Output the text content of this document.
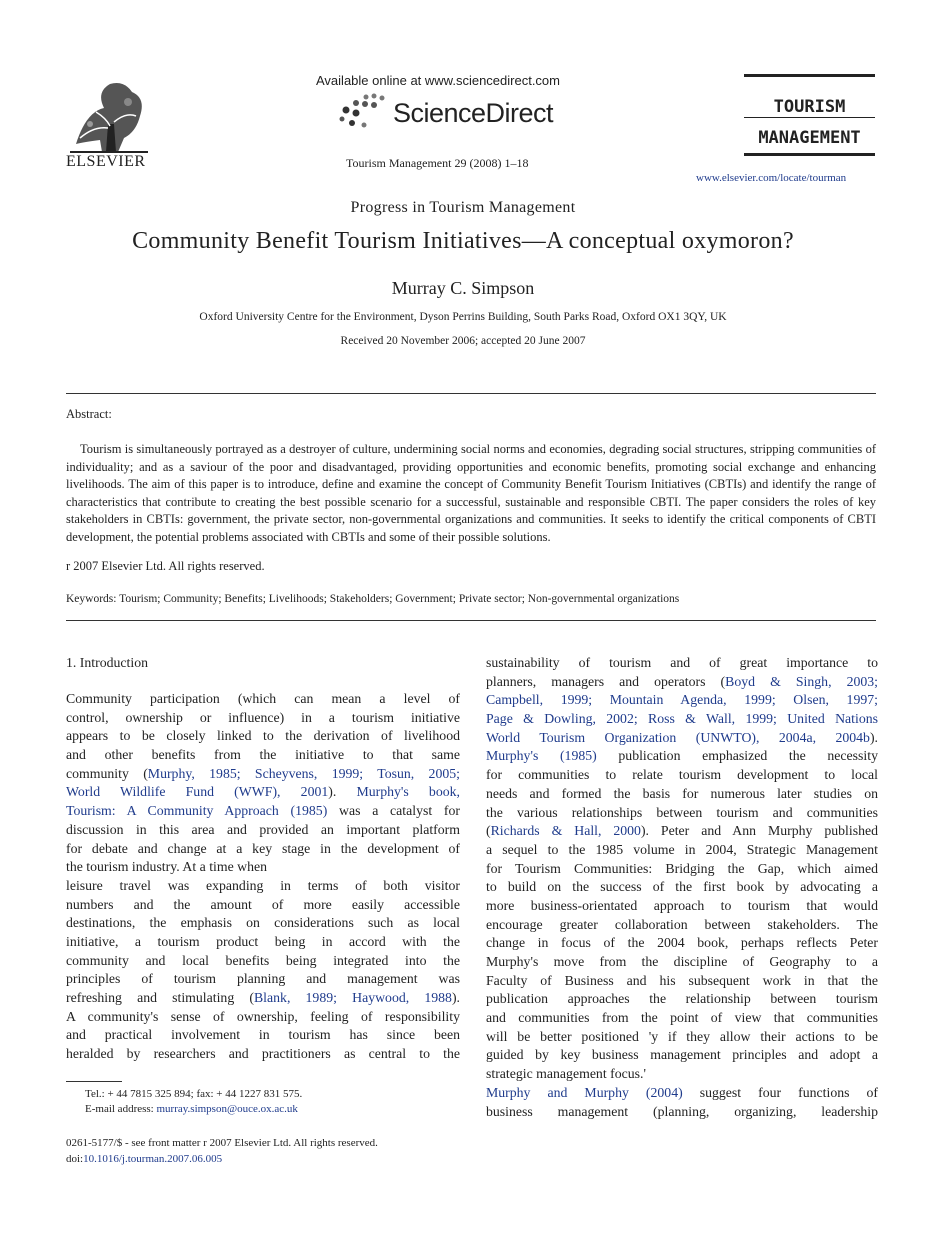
ELSEVIER
Available online at www.sciencedirect.com
ScienceDirect
Tourism Management 29 (2008) 1–18
TOURISM
MANAGEMENT
www.elsevier.com/locate/tourman
Progress in Tourism Management
Community Benefit Tourism Initiatives—A conceptual oxymoron?
Murray C. Simpson
Oxford University Centre for the Environment, Dyson Perrins Building, South Parks Road, Oxford OX1 3QY, UK
Received 20 November 2006; accepted 20 June 2007
Abstract:
Tourism is simultaneously portrayed as a destroyer of culture, undermining social norms and economies, degrading social structures, stripping communities of individuality; and as a saviour of the poor and disadvantaged, providing opportunities and economic benefits, promoting social exchange and enhancing livelihoods. The aim of this paper is to introduce, define and examine the concept of Community Benefit Tourism Initiatives (CBTIs) and identify the range of characteristics that contribute to creating the best possible scenario for a successful, sustainable and responsible CBTI. The paper considers the roles of key stakeholders in CBTIs: government, the private sector, non-governmental organizations and communities. It seeks to identify the critical components of CBTI development, the potential problems associated with CBTIs and some of their possible solutions.
r 2007 Elsevier Ltd. All rights reserved.
Keywords: Tourism; Community; Benefits; Livelihoods; Stakeholders; Government; Private sector; Non-governmental organizations
1. Introduction
Community participation (which can mean a level of
control, ownership or influence) in a tourism initiative
appears to be closely linked to the derivation of livelihood
and other benefits from the initiative to that same
community (Murphy, 1985; Scheyvens, 1999; Tosun, 2005;
World Wildlife Fund (WWF), 2001). Murphy's book,
Tourism: A Community Approach (1985) was a catalyst for
discussion in this area and provided an important platform
for debate and change at a key stage in the development of
the tourism industry. At a time when
leisure travel was expanding in terms of both visitor
numbers and the amount of more easily accessible
destinations, the emphasis on considerations such as local
initiative, a tourism product being in accord with the
community and local benefits being integrated into the
principles of tourism planning and management was
refreshing and stimulating (Blank, 1989; Haywood, 1988).
A community's sense of ownership, feeling of responsibility
and practical involvement in tourism has since been
heralded by researchers and practitioners as central to the
sustainability of tourism and of great importance to
planners, managers and operators (Boyd & Singh, 2003;
Campbell, 1999; Mountain Agenda, 1999; Olsen, 1997;
Page & Dowling, 2002; Ross & Wall, 1999; United Nations
World Tourism Organization (UNWTO), 2004a, 2004b).
Murphy's (1985) publication emphasized the necessity
for communities to relate tourism development to local
needs and formed the basis for numerous later studies on
the various relationships between tourism and communities
(Richards & Hall, 2000). Peter and Ann Murphy published
a sequel to the 1985 volume in 2004, Strategic Management
for Tourism Communities: Bridging the Gap, which aimed
to build on the success of the first book by advocating a
more business-orientated approach to tourism that would
encourage greater collaboration between stakeholders. The
change in focus of the 2004 book, perhaps reflects Peter
Murphy's move from the discipline of Geography to a
Faculty of Business and his subsequent work in that the
publication approaches the relationship between tourism
and communities from the point of view that communities
will be better positioned 'y if they allow their actions to be
guided by key business management principles and adopt a
strategic management focus.'
Murphy and Murphy (2004) suggest four functions of
business management (planning, organizing, leadership
Tel.: + 44 7815 325 894; fax: + 44 1227 831 575.
E-mail address: murray.simpson@ouce.ox.ac.uk
0261-5177/$ - see front matter r 2007 Elsevier Ltd. All rights reserved.
doi:10.1016/j.tourman.2007.06.005
